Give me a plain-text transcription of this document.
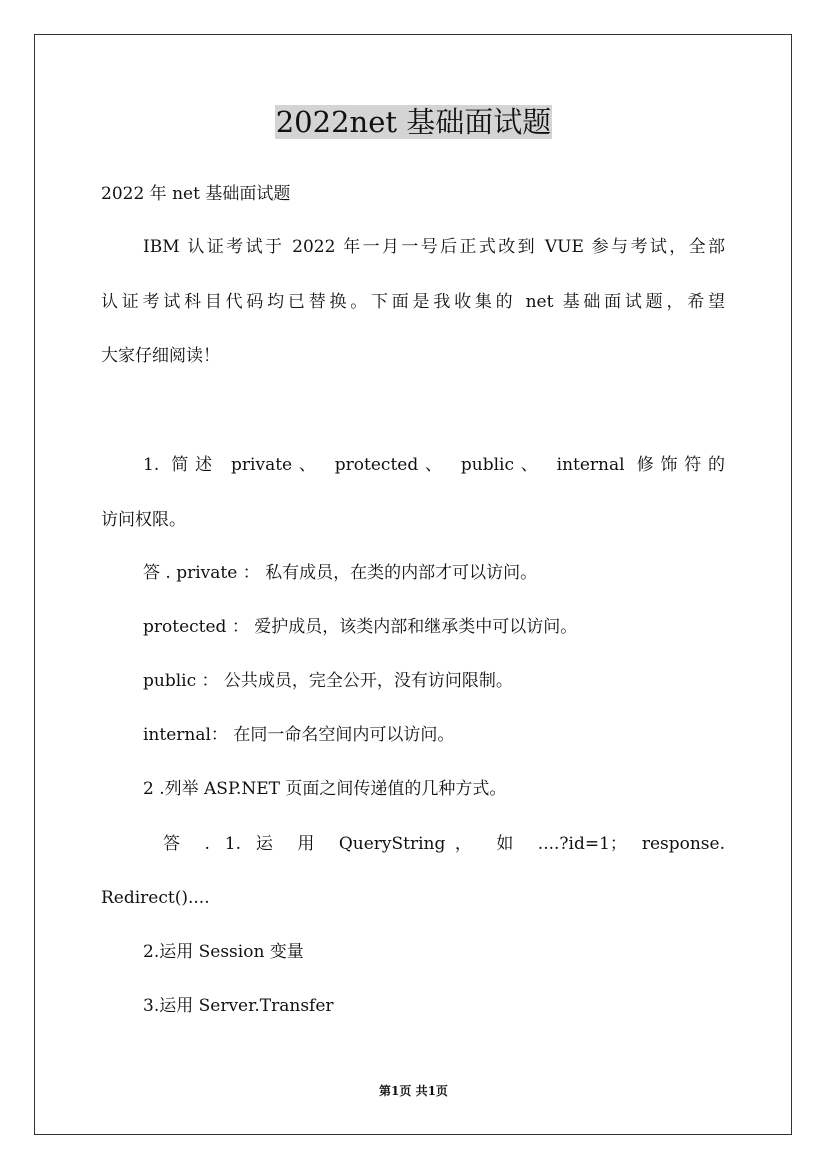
2022net 基础面试题
2022 年 net 基础面试题
IBM 认证考试于 2022 年一月一号后正式改到 VUE 参与考试，全部
认证考试科目代码均已替换。下面是我收集的 net 基础面试题，希望
大家仔细阅读！
1. 简述 private、 protected、 public、 internal 修饰符的
访问权限。
答 . private ： 私有成员，在类的内部才可以访问。
protected ： 爱护成员，该类内部和继承类中可以访问。
public ： 公共成员，完全公开，没有访问限制。
internal： 在同一命名空间内可以访问。
2 .列举 ASP.NET 页面之间传递值的几种方式。
答 . 1. 运 用 QueryString， 如 ....?id=1； response.
Redirect()....
2.运用 Session 变量
3.运用 Server.Transfer
第1页 共1页
